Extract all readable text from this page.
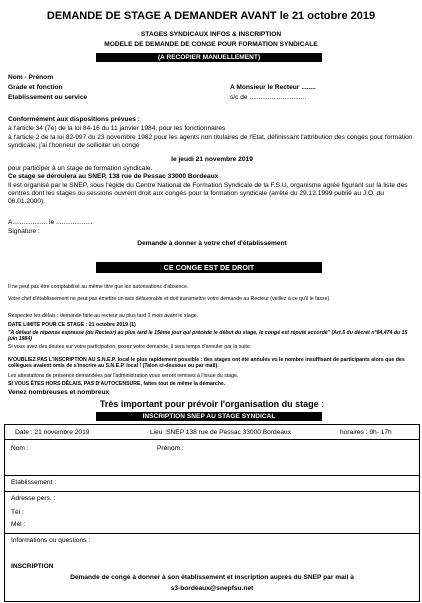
DEMANDE DE STAGE A DEMANDER AVANT le 21 octobre 2019
STAGES SYNDICAUX INFOS & INSCRIPTION
MODELE DE DEMANDE DE CONGE POUR FORMATION SYNDICALE
(A RECOPIER MANUELLEMENT)
Nom - Prénom
Grade et fonction
Etablissement ou service
A Monsieur le Recteur ........
s/c de ...............................
Conformément aux dispositions prévues :
à l'article 34 (7è) de la loi 84-16 du 11 janvier 1984, pour les fonctionnaires
à l'article 2 de la loi 82-997 du 23 novembre 1982 pour les agents non titulaires de l'Etat, définissant l'attribution des congés pour formation syndicale, j'ai l'honneur de solliciter un congé
le jeudi 21 novembre 2019
pour participer à un stage de formation syndicale.
Ce stage se déroulera au SNEP, 138 rue de Pessac 33000 Bordeaux
Il est organisé par le SNEP, sous l'égide du Centre National de Formation Syndicale de la F.S.U, organisme agréé figurant sur la liste des centres dont les stages ou sessions ouvrent droit aux congés pour la formation syndicale (arrêté du 29.12.1999 publié au J.O. du 06.01.2000).
A................... le ....................
Signature :
Demande à donner à votre chef d'établissement
CE CONGE EST DE DROIT
Il ne peut pas être comptabilisé au même titre que les autorisations d'absence.
Votre chef d'établissement ne peut pas émettre un avis défavorable et doit transmettre votre demande au Recteur (veillez à ce qu'il le fasse).
Respectez les délais : demande faite au recteur au plus tard 1 mois avant le stage.
DATE LIMITE POUR CE STAGE : 21 octobre 2019 (1)
"A défaut de réponse expresse (du Recteur) au plus tard le 15ème jour qui précède le début du stage, le congé est réputé accordé" (Art.5 du décret n°84.474 du 15 juin 1984)
Si vous avez des doutes sur votre participation, posez votre demande, il sera temps d'annuler par la suite.
N'OUBLIEZ PAS L'INSCRIPTION AU S.N.E.P. local le plus rapidement possible : des stages ont été annulés vu le nombre insuffisant de participants alors que des collègues avaient omis de s'inscrire au S.N.E.P. local ! (Talon ci-dessous ou par mail).
Les attestations de présence demandées par l'administration vous seront remises à l'issue du stage.
SI VOUS ÊTES HORS DÉLAIS, PAS D'AUTOCENSURE, faites tout de même la démarche.
Venez nombreuses et nombreux
Très important pour prévoir l'organisation du stage :
INSCRIPTION SNEP AU STAGE SYNDICAL
Date : 21 novembre 2019	Lieu :SNEP 138 rue de Pessac 33000 Bordeaux	horaires : 9h- 17h
Nom :	Prénom :
Etablissement :
Adresse pers. :
Tél :
Mél :
Informations ou questions :
INSCRIPTION
Demande de congé à donner à son établissement et inscription auprès du SNEP par mail à
s3-bordeaux@snepfsu.net
